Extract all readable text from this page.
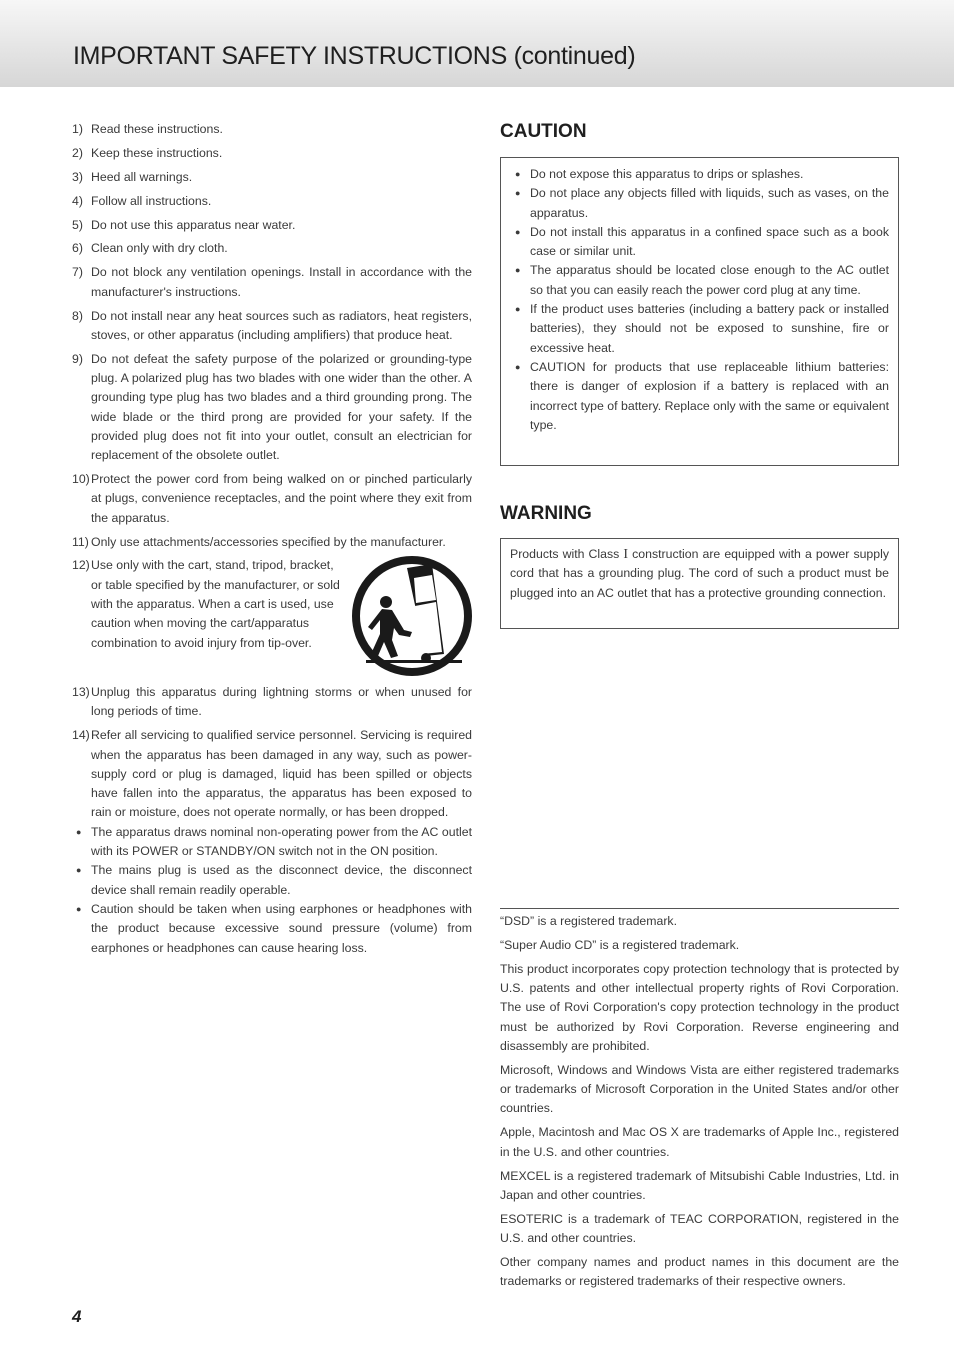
IMPORTANT SAFETY INSTRUCTIONS (continued)
1) Read these instructions.
2) Keep these instructions.
3) Heed all warnings.
4) Follow all instructions.
5) Do not use this apparatus near water.
6) Clean only with dry cloth.
7) Do not block any ventilation openings. Install in accordance with the manufacturer's instructions.
8) Do not install near any heat sources such as radiators, heat registers, stoves, or other apparatus (including amplifiers) that produce heat.
9) Do not defeat the safety purpose of the polarized or grounding-type plug. A polarized plug has two blades with one wider than the other. A grounding type plug has two blades and a third grounding prong. The wide blade or the third prong are provided for your safety. If the provided plug does not fit into your outlet, consult an electrician for replacement of the obsolete outlet.
10) Protect the power cord from being walked on or pinched particularly at plugs, convenience receptacles, and the point where they exit from the apparatus.
11) Only use attachments/accessories specified by the manufacturer.
12) Use only with the cart, stand, tripod, bracket, or table specified by the manufacturer, or sold with the apparatus. When a cart is used, use caution when moving the cart/apparatus combination to avoid injury from tip-over.
13) Unplug this apparatus during lightning storms or when unused for long periods of time.
14) Refer all servicing to qualified service personnel. Servicing is required when the apparatus has been damaged in any way, such as power-supply cord or plug is damaged, liquid has been spilled or objects have fallen into the apparatus, the apparatus has been exposed to rain or moisture, does not operate normally, or has been dropped.
● The apparatus draws nominal non-operating power from the AC outlet with its POWER or STANDBY/ON switch not in the ON position.
● The mains plug is used as the disconnect device, the disconnect device shall remain readily operable.
● Caution should be taken when using earphones or headphones with the product because excessive sound pressure (volume) from earphones or headphones can cause hearing loss.
CAUTION
● Do not expose this apparatus to drips or splashes.
● Do not place any objects filled with liquids, such as vases, on the apparatus.
● Do not install this apparatus in a confined space such as a book case or similar unit.
● The apparatus should be located close enough to the AC outlet so that you can easily reach the power cord plug at any time.
● If the product uses batteries (including a battery pack or installed batteries), they should not be exposed to sunshine, fire or excessive heat.
● CAUTION for products that use replaceable lithium batteries: there is danger of explosion if a battery is replaced with an incorrect type of battery. Replace only with the same or equivalent type.
WARNING
Products with Class I construction are equipped with a power supply cord that has a grounding plug. The cord of such a product must be plugged into an AC outlet that has a protective grounding connection.

“DSD” is a registered trademark.

“Super Audio CD” is a registered trademark.

This product incorporates copy protection technology that is protected by U.S. patents and other intellectual property rights of Rovi Corporation. The use of Rovi Corporation's copy protection technology in the product must be authorized by Rovi Corporation. Reverse engineering and disassembly are prohibited.

Microsoft, Windows and Windows Vista are either registered trademarks or trademarks of Microsoft Corporation in the United States and/or other countries.

Apple, Macintosh and Mac OS X are trademarks of Apple Inc., registered in the U.S. and other countries.

MEXCEL is a registered trademark of Mitsubishi Cable Industries, Ltd. in Japan and other countries.

ESOTERIC is a trademark of TEAC CORPORATION, registered in the U.S. and other countries.

Other company names and product names in this document are the trademarks or registered trademarks of their respective owners.

4
